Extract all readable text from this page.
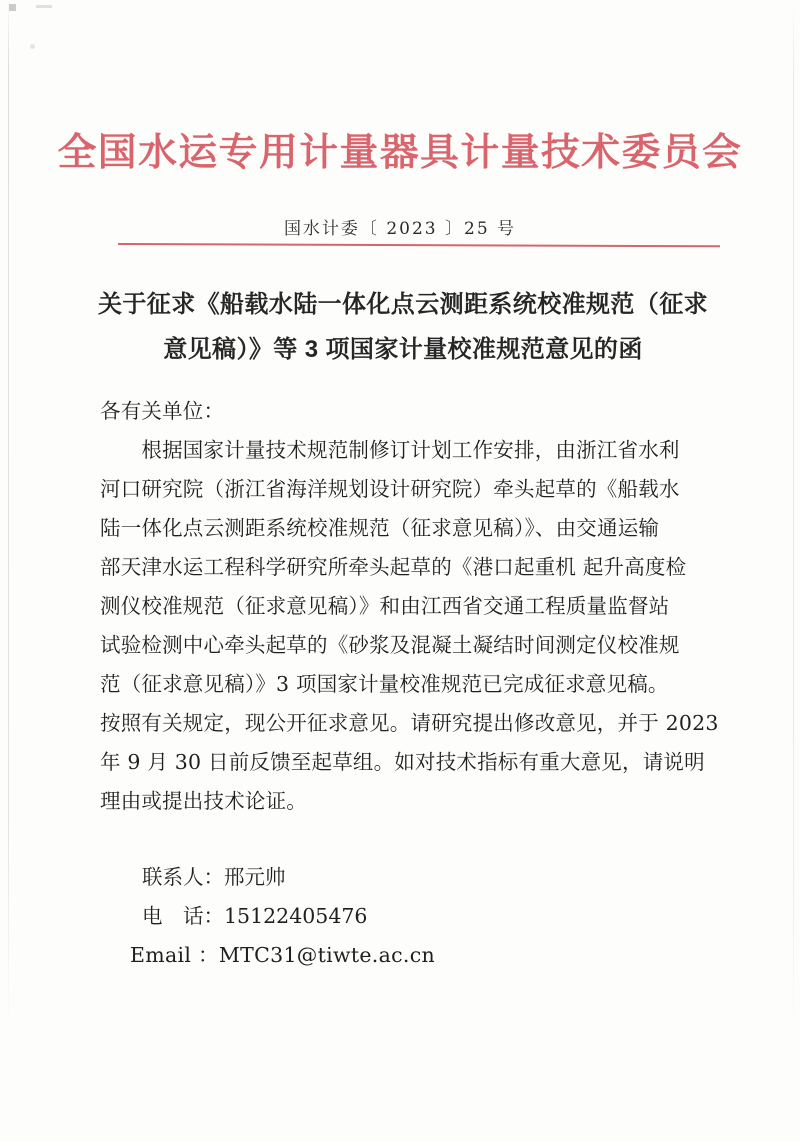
全国水运专用计量器具计量技术委员会
国水计委〔 2023 〕25 号
关于征求《船载水陆一体化点云测距系统校准规范（征求
意见稿）》等 3 项国家计量校准规范意见的函
各有关单位：
　　根据国家计量技术规范制修订计划工作安排，由浙江省水利
河口研究院（浙江省海洋规划设计研究院）牵头起草的《船载水
陆一体化点云测距系统校准规范（征求意见稿）》、由交通运输
部天津水运工程科学研究所牵头起草的《港口起重机 起升高度检
测仪校准规范（征求意见稿）》和由江西省交通工程质量监督站
试验检测中心牵头起草的《砂浆及混凝土凝结时间测定仪校准规
范（征求意见稿）》3 项国家计量校准规范已完成征求意见稿。
按照有关规定，现公开征求意见。请研究提出修改意见，并于 2023
年 9 月 30 日前反馈至起草组。如对技术指标有重大意见，请说明
理由或提出技术论证。
联系人：邢元帅
电　话：15122405476
Email ：MTC31@tiwte.ac.cn
